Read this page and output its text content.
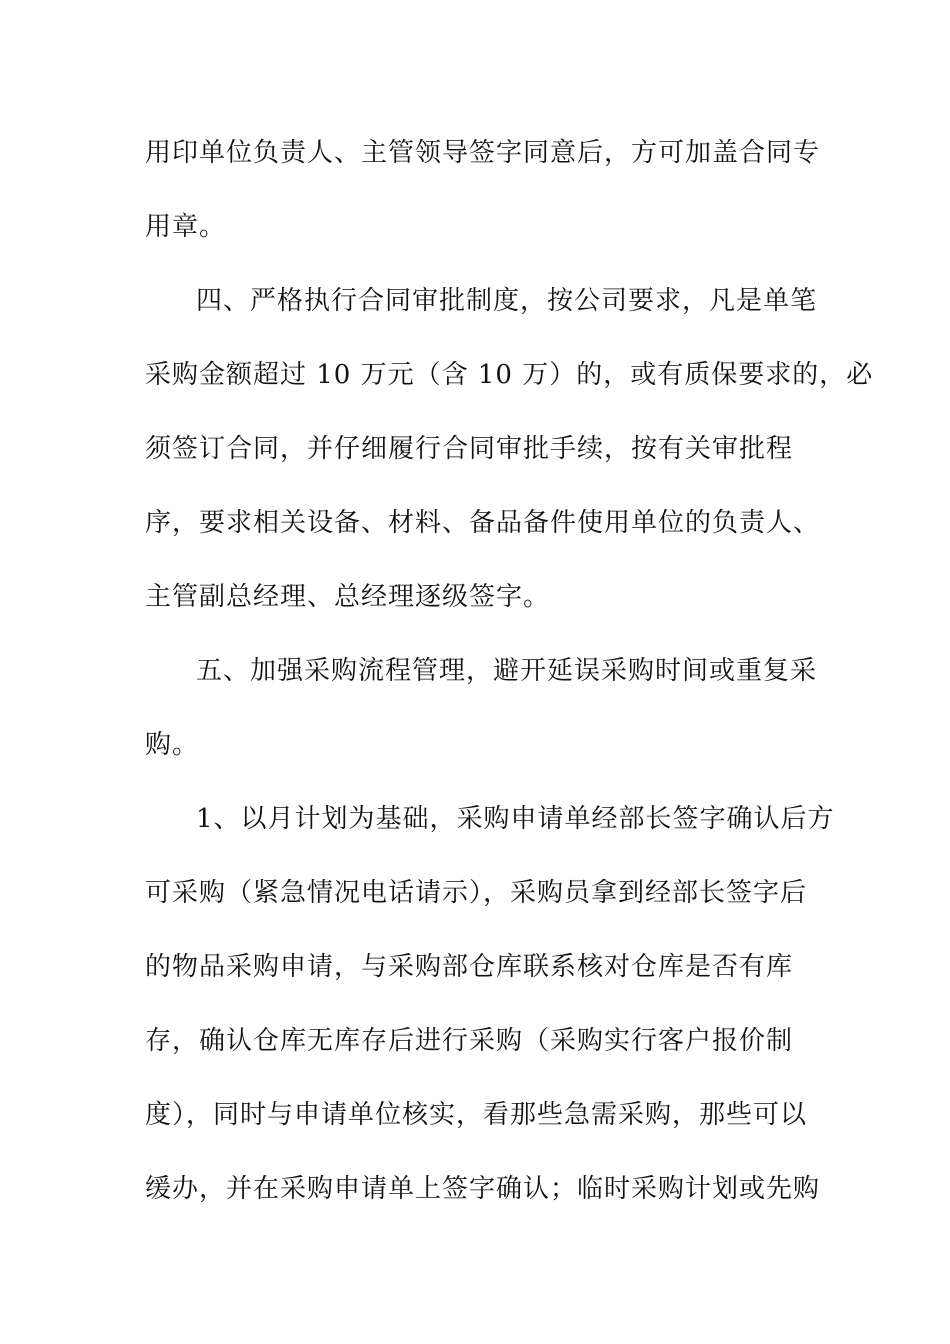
用印单位负责人、主管领导签字同意后，方可加盖合同专
用章。
四、严格执行合同审批制度，按公司要求，凡是单笔
采购金额超过 10 万元（含 10 万）的，或有质保要求的，必
须签订合同，并仔细履行合同审批手续，按有关审批程
序，要求相关设备、材料、备品备件使用单位的负责人、
主管副总经理、总经理逐级签字。
五、加强采购流程管理，避开延误采购时间或重复采
购。
1、以月计划为基础，采购申请单经部长签字确认后方
可采购（紧急情况电话请示），采购员拿到经部长签字后
的物品采购申请，与采购部仓库联系核对仓库是否有库
存，确认仓库无库存后进行采购（采购实行客户报价制
度），同时与申请单位核实，看那些急需采购，那些可以
缓办，并在采购申请单上签字确认；临时采购计划或先购
